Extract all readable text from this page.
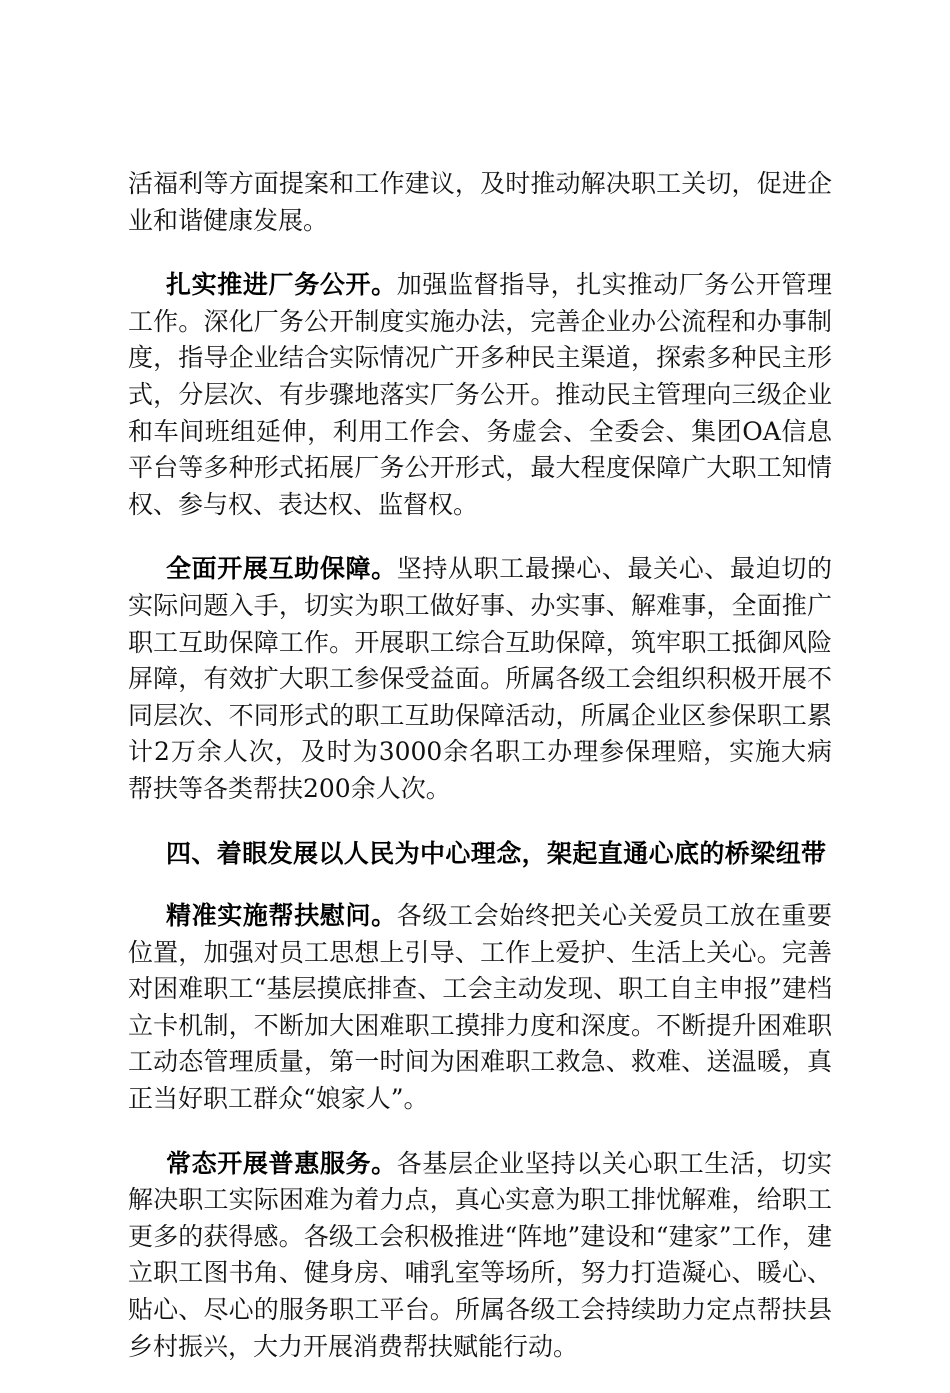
活福利等方面提案和工作建议，及时推动解决职工关切，促进企业和谐健康发展。

扎实推进厂务公开。加强监督指导，扎实推动厂务公开管理工作。深化厂务公开制度实施办法，完善企业办公流程和办事制度，指导企业结合实际情况广开多种民主渠道，探索多种民主形式，分层次、有步骤地落实厂务公开。推动民主管理向三级企业和车间班组延伸，利用工作会、务虚会、全委会、集团OA信息平台等多种形式拓展厂务公开形式，最大程度保障广大职工知情权、参与权、表达权、监督权。

全面开展互助保障。坚持从职工最操心、最关心、最迫切的实际问题入手，切实为职工做好事、办实事、解难事，全面推广职工互助保障工作。开展职工综合互助保障，筑牢职工抵御风险屏障，有效扩大职工参保受益面。所属各级工会组织积极开展不同层次、不同形式的职工互助保障活动，所属企业区参保职工累计2万余人次，及时为3000余名职工办理参保理赔，实施大病帮扶等各类帮扶200余人次。

四、着眼发展以人民为中心理念，架起直通心底的桥梁纽带

精准实施帮扶慰问。各级工会始终把关心关爱员工放在重要位置，加强对员工思想上引导、工作上爱护、生活上关心。完善对困难职工“基层摸底排查、工会主动发现、职工自主申报”建档立卡机制，不断加大困难职工摸排力度和深度。不断提升困难职工动态管理质量，第一时间为困难职工救急、救难、送温暖，真正当好职工群众“娘家人”。

常态开展普惠服务。各基层企业坚持以关心职工生活，切实解决职工实际困难为着力点，真心实意为职工排忧解难，给职工更多的获得感。各级工会积极推进“阵地”建设和“建家”工作，建立职工图书角、健身房、哺乳室等场所，努力打造凝心、暖心、贴心、尽心的服务职工平台。所属各级工会持续助力定点帮扶县乡村振兴，大力开展消费帮扶赋能行动。
